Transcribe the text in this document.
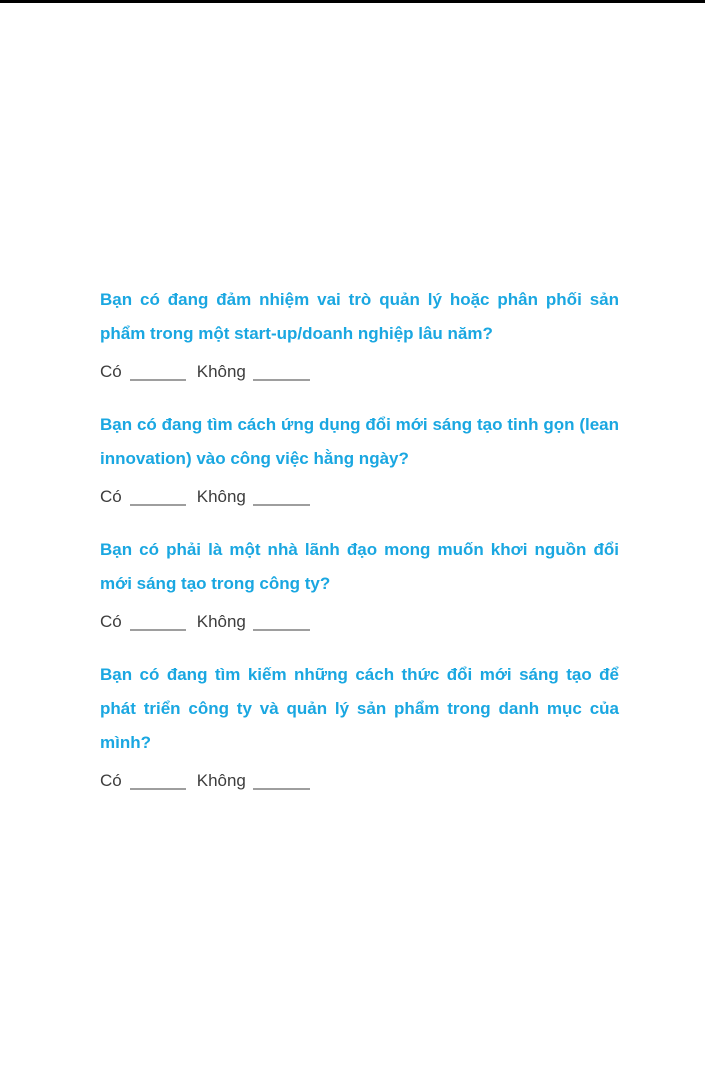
Bạn có đang đảm nhiệm vai trò quản lý hoặc phân phối sản
phẩm trong một start-up/doanh nghiệp lâu năm?
Có	Không
Bạn có đang tìm cách ứng dụng đổi mới sáng tạo tinh gọn (lean
innovation) vào công việc hằng ngày?
Có	Không
Bạn có phải là một nhà lãnh đạo mong muốn khơi nguồn đổi
mới sáng tạo trong công ty?
Có	Không
Bạn có đang tìm kiếm những cách thức đổi mới sáng tạo để
phát triển công ty và quản lý sản phẩm trong danh mục của
mình?
Có	Không
